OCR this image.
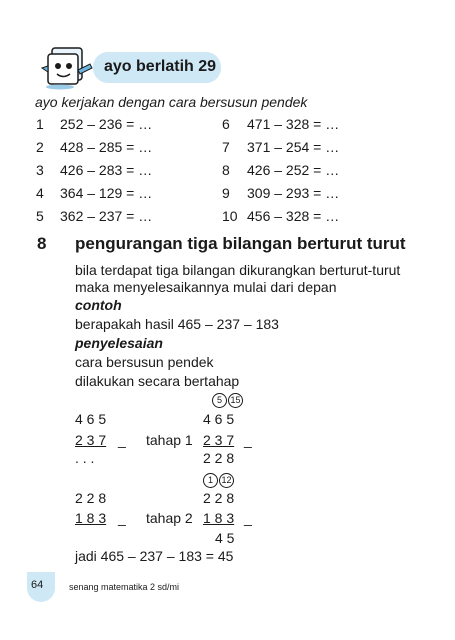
ayo berlatih 29
ayo kerjakan dengan cara bersusun pendek
1 252 – 236 = …
2 428 – 285 = …
3 426 – 283 = …
4 364 – 129 = …
5 362 – 237 = …
6 471 – 328 = …
7 371 – 254 = …
8 426 – 252 = …
9 309 – 293 = …
10 456 – 328 = …
8 pengurangan tiga bilangan berturut turut
bila terdapat tiga bilangan dikurangkan berturut-turut
maka menyelesaikannya mulai dari depan
contoh
berapakah hasil 465 – 237 – 183
penyelesaian
cara bersusun pendek
dilakukan secara bertahap
5 15
4 6 5
2 3 7 _
. . .
tahap 1
4 6 5
2 3 7 _
2 2 8
1 12
2 2 8
1 8 3 _ tahap 2
2 2 8
1 8 3 _
4 5
jadi 465 – 237 – 183 = 45
64	senang matematika 2 sd/mi
